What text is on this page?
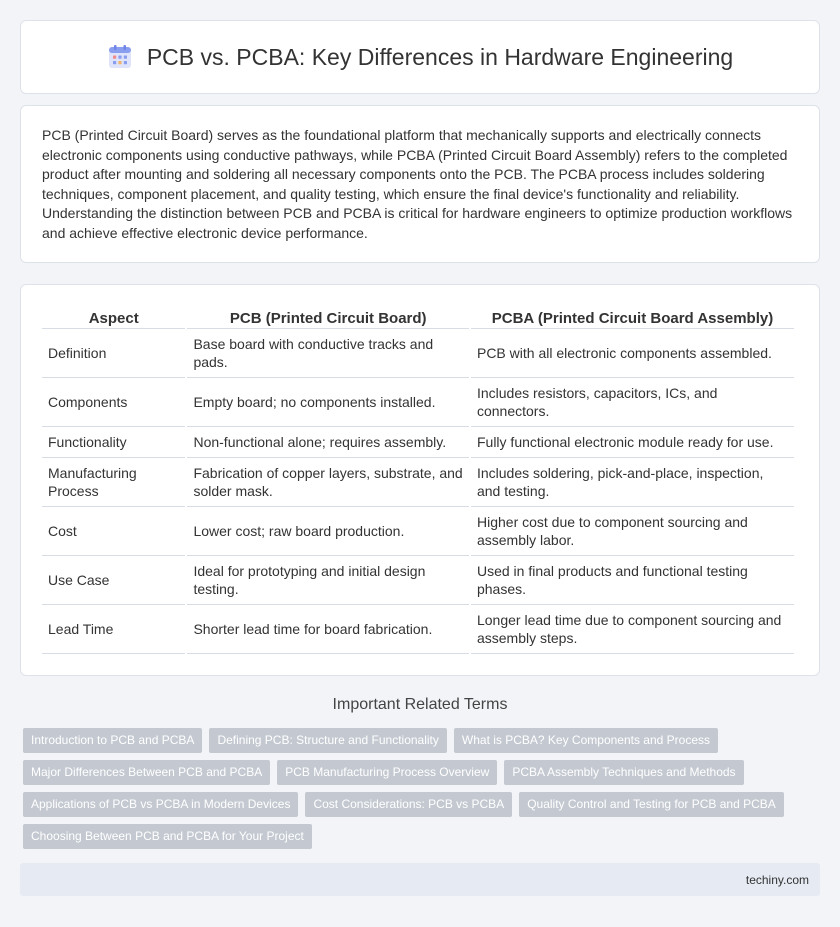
PCB vs. PCBA: Key Differences in Hardware Engineering

PCB (Printed Circuit Board) serves as the foundational platform that mechanically supports and electrically connects electronic components using conductive pathways, while PCBA (Printed Circuit Board Assembly) refers to the completed product after mounting and soldering all necessary components onto the PCB. The PCBA process includes soldering techniques, component placement, and quality testing, which ensure the final device's functionality and reliability. Understanding the distinction between PCB and PCBA is critical for hardware engineers to optimize production workflows and achieve effective electronic device performance.

Aspect	PCB (Printed Circuit Board)	PCBA (Printed Circuit Board Assembly)
Definition	Base board with conductive tracks and pads.	PCB with all electronic components assembled.
Components	Empty board; no components installed.	Includes resistors, capacitors, ICs, and connectors.
Functionality	Non-functional alone; requires assembly.	Fully functional electronic module ready for use.
Manufacturing Process	Fabrication of copper layers, substrate, and solder mask.	Includes soldering, pick-and-place, inspection, and testing.
Cost	Lower cost; raw board production.	Higher cost due to component sourcing and assembly labor.
Use Case	Ideal for prototyping and initial design testing.	Used in final products and functional testing phases.
Lead Time	Shorter lead time for board fabrication.	Longer lead time due to component sourcing and assembly steps.
Important Related Terms
Introduction to PCB and PCBA	Defining PCB: Structure and Functionality	What is PCBA? Key Components and Process
Major Differences Between PCB and PCBA	PCB Manufacturing Process Overview	PCBA Assembly Techniques and Methods
Applications of PCB vs PCBA in Modern Devices	Cost Considerations: PCB vs PCBA	Quality Control and Testing for PCB and PCBA
Choosing Between PCB and PCBA for Your Project
techiny.com
